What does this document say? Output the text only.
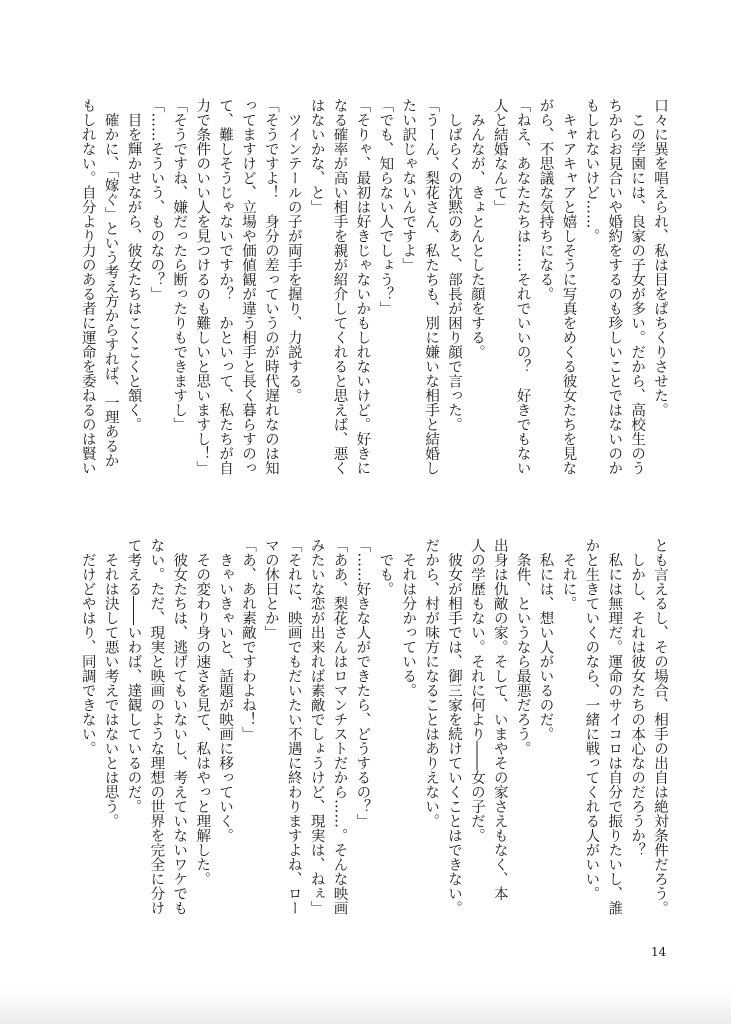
口々に異を唱えられ、私は目をぱちくりさせた。
　この学園には、良家の子女が多い。だから、高校生のう
ちからお見合いや婚約をするのも珍しいことではないのか
もしれないけど……。
　キャアキャアと嬉しそうに写真をめくる彼女たちを見な
がら、不思議な気持ちになる。
「ねえ、あなたたちは……それでいいの？　好きでもない
人と結婚なんて」
　みんなが、きょとんとした顔をする。
　しばらくの沈黙のあと、部長が困り顔で言った。
「うーん、梨花さん、私たちも、別に嫌いな相手と結婚し
たい訳じゃないんですよ」
「でも、知らない人でしょう？」
「そりゃ、最初は好きじゃないかもしれないけど。好きに
なる確率が高い相手を親が紹介してくれると思えば、悪く
はないかな、と」
　ツインテールの子が両手を握り、力説する。
「そうですよ！　身分の差っていうのが時代遅れなのは知
ってますけど、立場や価値観が違う相手と長く暮らすのっ
て、難しそうじゃないですか？　かといって、私たちが自
力で条件のいい人を見つけるのも難しいと思いますし！」
「そうですね、嫌だったら断ったりもできますし」
「……そういう、ものなの？」
　目を輝かせながら、彼女たちはこくこくと頷く。
　確かに、「嫁ぐ」という考え方からすれば、一理あるか
もしれない。自分より力のある者に運命を委ねるのは賢い
とも言えるし、その場合、相手の出自は絶対条件だろう。
　しかし、それは彼女たちの本心なのだろうか？
　私には無理だ。運命のサイコロは自分で振りたいし、誰
かと生きていくのなら、一緒に戦ってくれる人がいい。
　それに。
　私には、想い人がいるのだ。
　条件、というなら最悪だろう。
出身は仇敵の家。そして、いまやその家さえもなく、本
人の学歴もない。それに何より――女の子だ。
　彼女が相手では、御三家を続けていくことはできない。
だから、村が味方になることはありえない。
　それは分かっている。
　でも。
「……好きな人ができたら、どうするの？」
「ああ、梨花さんはロマンチストだから……。そんな映画
みたいな恋が出来れば素敵でしょうけど、現実は、ねぇ」
「それに、映画でもだいたい不遇に終わりますよね、ロー
マの休日とか」
「あ、あれ素敵ですわよね！」
　きゃいきゃいと、話題が映画に移っていく。
　その変わり身の速さを見て、私はやっと理解した。
　彼女たちは、逃げてもいないし、考えていないワケでも
ない。ただ、現実と映画のような理想の世界を完全に分け
て考える――いわば、達観しているのだ。
　それは決して悪い考えではないとは思う。
　だけどやはり、同調できない。
14
